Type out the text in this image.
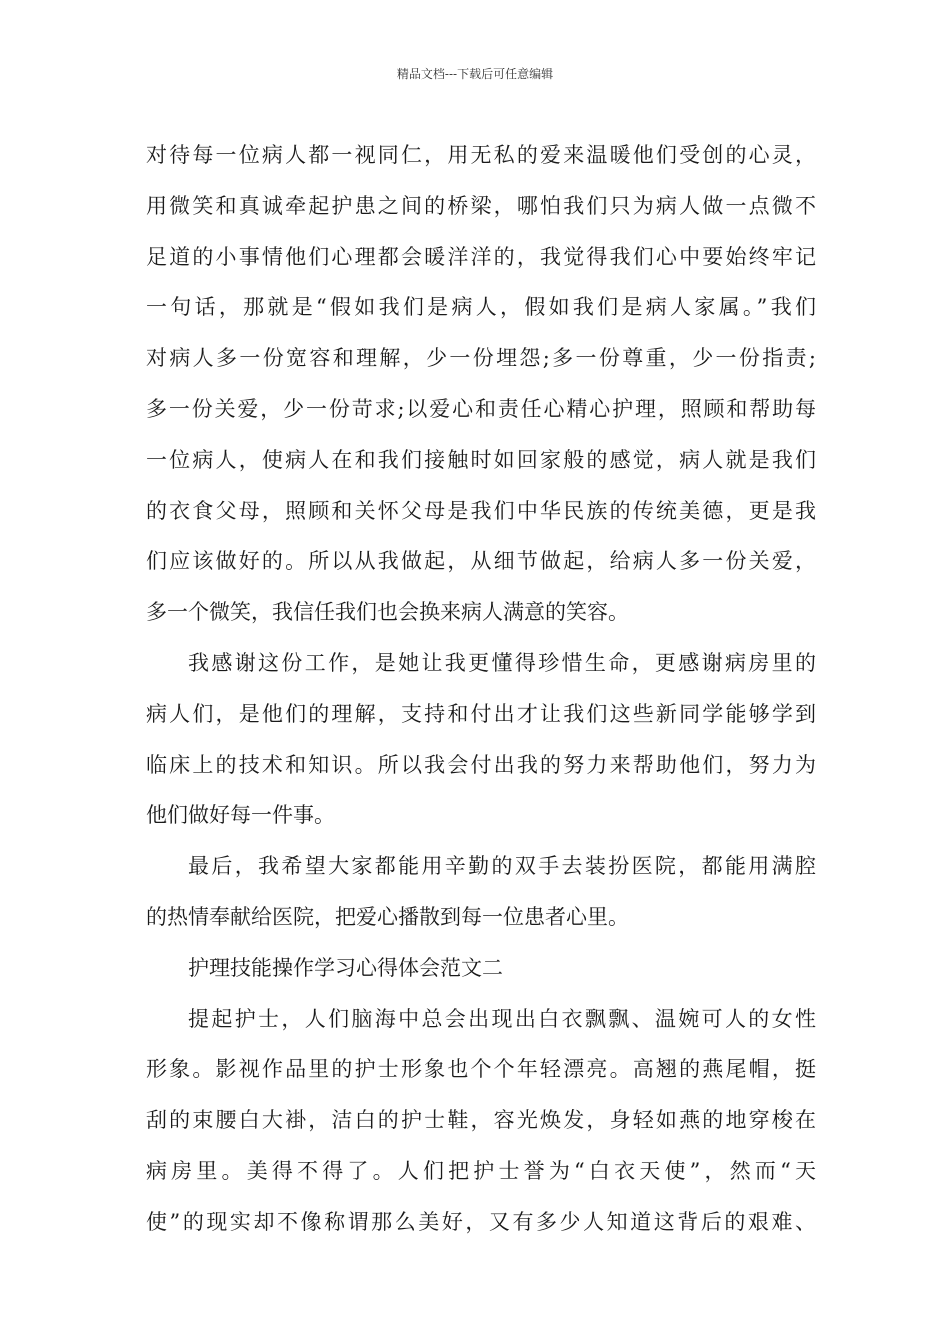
精品文档---下载后可任意编辑
对待每一位病人都一视同仁，用无私的爱来温暖他们受创的心灵，
用微笑和真诚牵起护患之间的桥梁，哪怕我们只为病人做一点微不
足道的小事情他们心理都会暖洋洋的，我觉得我们心中要始终牢记
一句话，那就是“假如我们是病人，假如我们是病人家属。”我们
对病人多一份宽容和理解，少一份埋怨;多一份尊重，少一份指责;
多一份关爱，少一份苛求;以爱心和责任心精心护理，照顾和帮助每
一位病人，使病人在和我们接触时如回家般的感觉，病人就是我们
的衣食父母，照顾和关怀父母是我们中华民族的传统美德，更是我
们应该做好的。所以从我做起，从细节做起，给病人多一份关爱，
多一个微笑，我信任我们也会换来病人满意的笑容。
我感谢这份工作，是她让我更懂得珍惜生命，更感谢病房里的
病人们，是他们的理解，支持和付出才让我们这些新同学能够学到
临床上的技术和知识。所以我会付出我的努力来帮助他们，努力为
他们做好每一件事。
最后，我希望大家都能用辛勤的双手去装扮医院，都能用满腔
的热情奉献给医院，把爱心播散到每一位患者心里。
护理技能操作学习心得体会范文二
提起护士，人们脑海中总会出现出白衣飘飘、温婉可人的女性
形象。影视作品里的护士形象也个个年轻漂亮。高翘的燕尾帽，挺
刮的束腰白大褂，洁白的护士鞋，容光焕发，身轻如燕的地穿梭在
病房里。美得不得了。人们把护士誉为“白衣天使”，然而“天
使”的现实却不像称谓那么美好，又有多少人知道这背后的艰难、
